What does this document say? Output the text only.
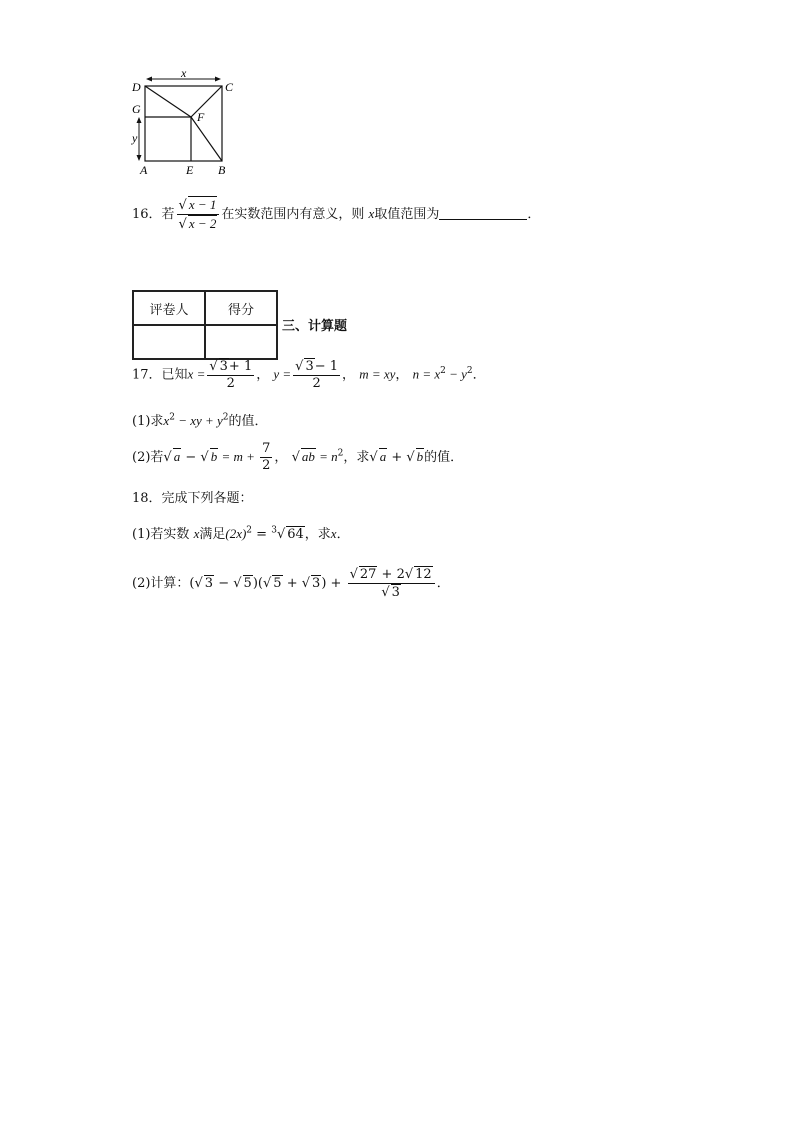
D	C
G
F
A	E B
x
y
16．若 $\frac{√ x - 1}{√ x - 2}$ 在实数范围内有意义，则 x取值范围为	．
评卷人	得分

三、计算题
17．已知$x = \frac{√ 3+ 1}{2}$ ， $y = \frac{√ 3- 1}{2}$ ， m = xy， $n = x^2 - y^2$．
(1)求$x^2$ − xy + $y^2$的值．
(2)若√ a − √ $b = m + \frac{7}{2}$ ， √ ab = $n^2$，求√ a + √ b的值．
18．完成下列各题：
(1)若实数 x满足$(2x)^2 = ^3√$ 64，求x．
(2)计算：(√ 3 − √ 5)(√ 5 + √ $3) + \frac{√ 27 + 2√ 12}{√ 3}$ ．
